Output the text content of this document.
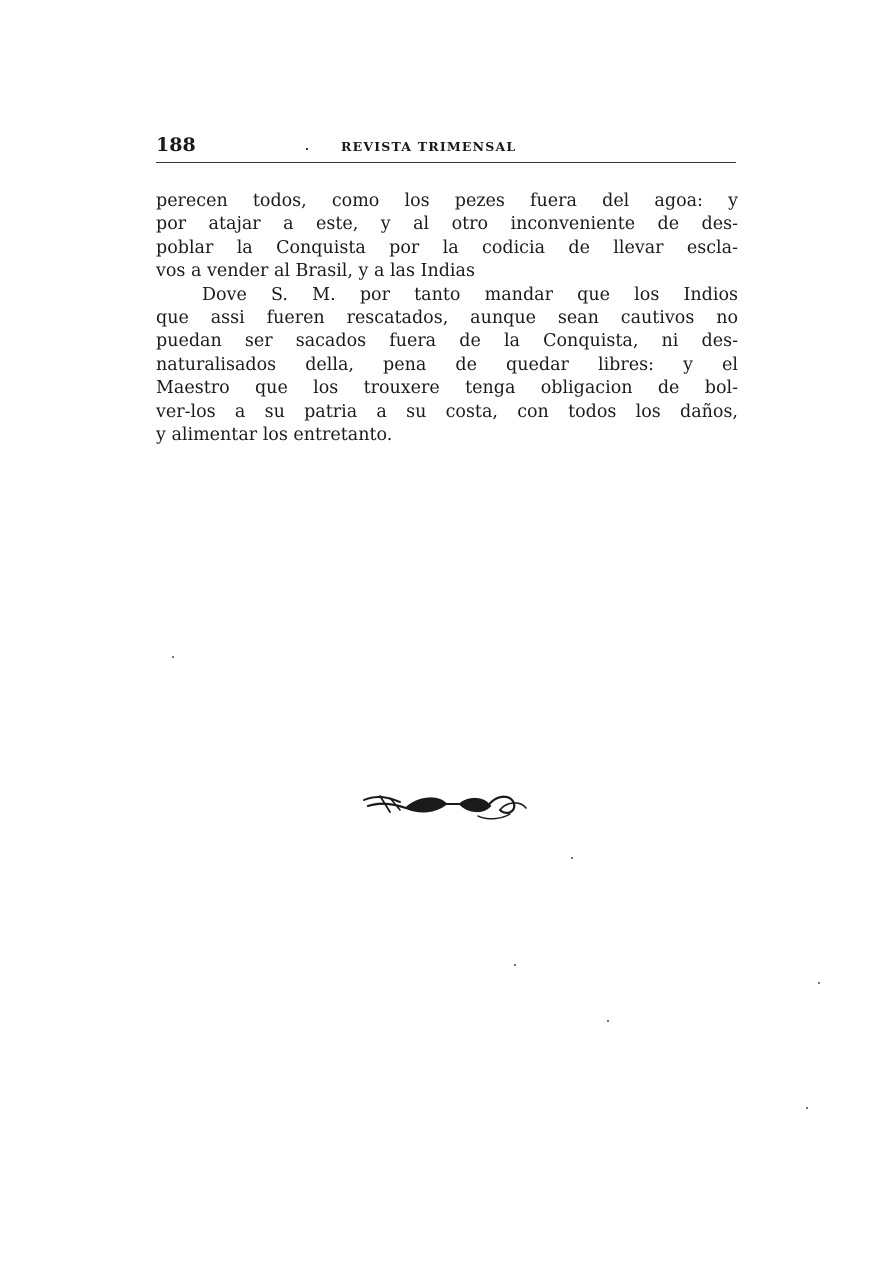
188	REVISTA TRIMENSAL
perecen todos, como los pezes fuera del agoa: y
por atajar a este, y al otro inconveniente de des-
poblar la Conquista por la codicia de llevar escla-
vos a vender al Brasil, y a las Indias
Dove S. M. por tanto mandar que los Indios
que assi fueren rescatados, aunque sean cautivos no
puedan ser sacados fuera de la Conquista, ni des-
naturalisados della, pena de quedar libres: y el
Maestro que los trouxere tenga obligacion de bol-
ver-los a su patria a su costa, con todos los daños,
y alimentar los entretanto.
